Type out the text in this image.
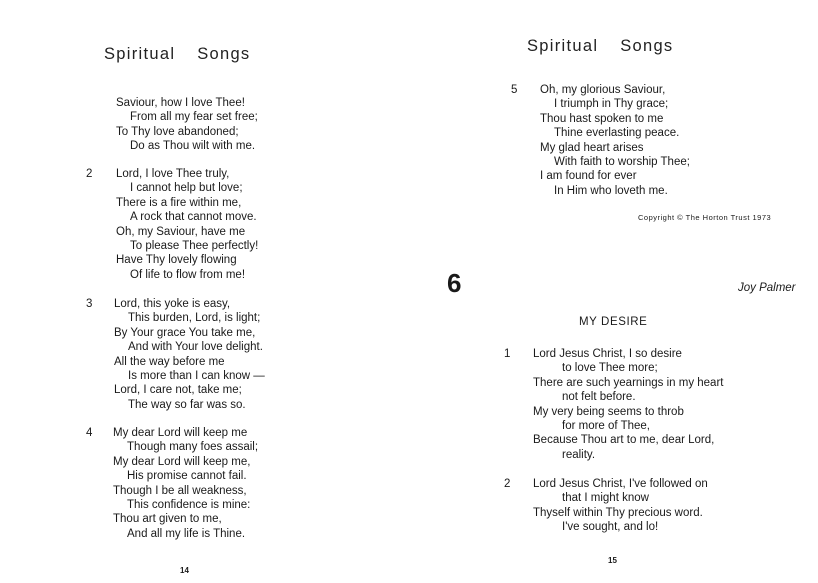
Spiritual Songs
Saviour, how I love Thee!
From all my fear set free;
To Thy love abandoned;
Do as Thou wilt with me.
2 Lord, I love Thee truly,
I cannot help but love;
There is a fire within me,
A rock that cannot move.
Oh, my Saviour, have me
To please Thee perfectly!
Have Thy lovely flowing
Of life to flow from me!
3 Lord, this yoke is easy,
This burden, Lord, is light;
By Your grace You take me,
And with Your love delight.
All the way before me
Is more than I can know —
Lord, I care not, take me;
The way so far was so.
4 My dear Lord will keep me
Though many foes assail;
My dear Lord will keep me,
His promise cannot fail.
Though I be all weakness,
This confidence is mine:
Thou art given to me,
And all my life is Thine.
14
Spiritual Songs
5 Oh, my glorious Saviour,
I triumph in Thy grace;
Thou hast spoken to me
Thine everlasting peace.
My glad heart arises
With faith to worship Thee;
I am found for ever
In Him who loveth me.
Copyright © The Horton Trust 1973
6	Joy Palmer
MY DESIRE
1 Lord Jesus Christ, I so desire
to love Thee more;
There are such yearnings in my heart
not felt before.
My very being seems to throb
for more of Thee,
Because Thou art to me, dear Lord,
reality.
2 Lord Jesus Christ, I've followed on
that I might know
Thyself within Thy precious word.
I've sought, and lo!
15
